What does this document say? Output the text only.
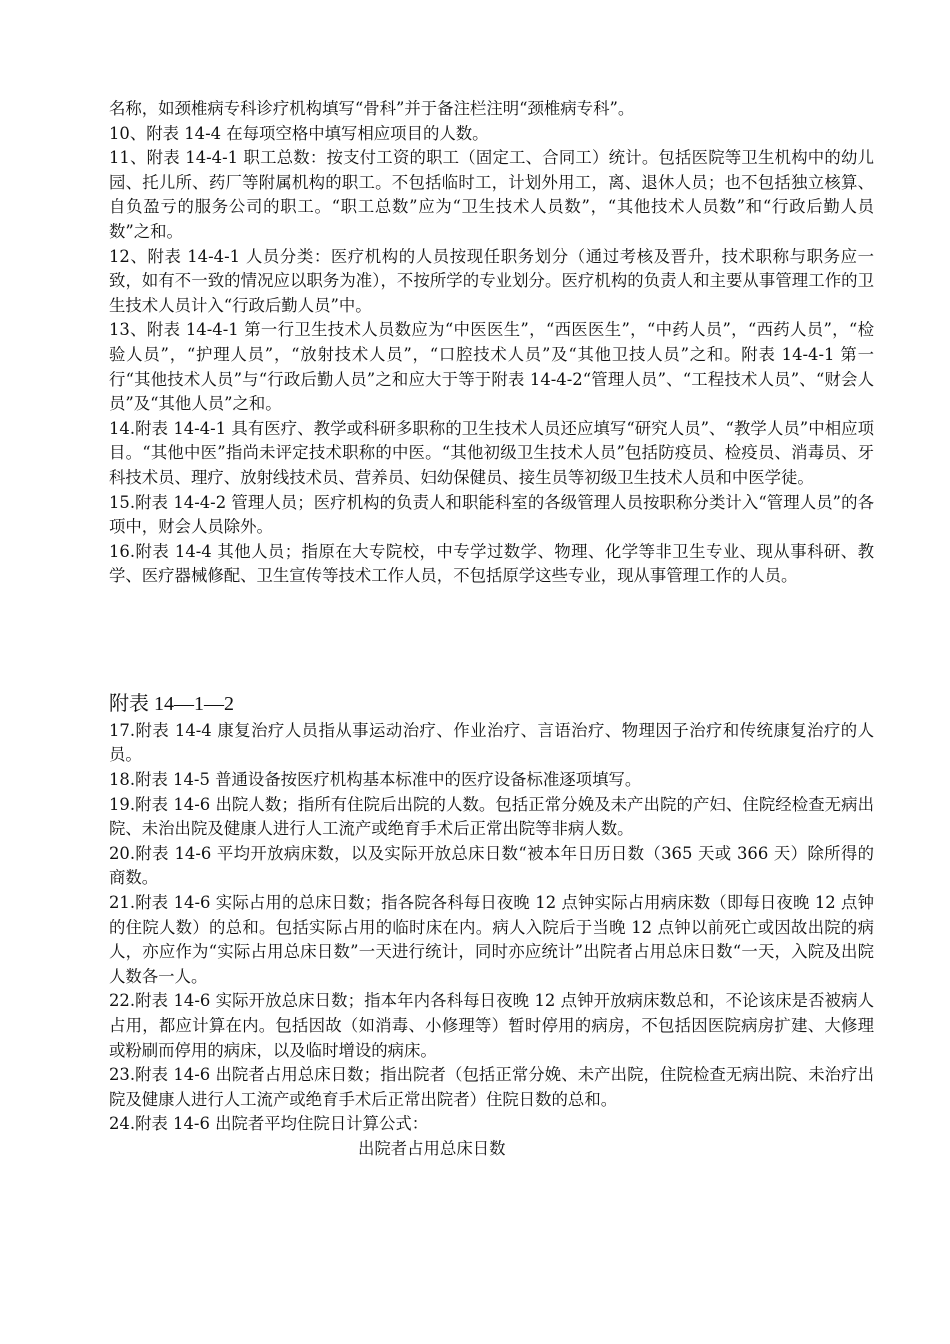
名称，如颈椎病专科诊疗机构填写“骨科”并于备注栏注明“颈椎病专科”。

10、附表 14-4 在每项空格中填写相应项目的人数。

11、附表 14-4-1 职工总数：按支付工资的职工（固定工、合同工）统计。包括医院等卫生机构中的幼儿园、托儿所、药厂等附属机构的职工。不包括临时工，计划外用工，离、退休人员；也不包括独立核算、自负盈亏的服务公司的职工。“职工总数”应为“卫生技术人员数”，“其他技术人员数”和“行政后勤人员数”之和。

12、附表 14-4-1 人员分类：医疗机构的人员按现任职务划分（通过考核及晋升，技术职称与职务应一致，如有不一致的情况应以职务为准），不按所学的专业划分。医疗机构的负责人和主要从事管理工作的卫生技术人员计入“行政后勤人员”中。

13、附表 14-4-1 第一行卫生技术人员数应为“中医医生”，“西医医生”，“中药人员”，“西药人员”，“检验人员”，“护理人员”，“放射技术人员”，“口腔技术人员”及“其他卫技人员”之和。附表 14-4-1 第一行“其他技术人员”与“行政后勤人员”之和应大于等于附表 14-4-2“管理人员”、“工程技术人员”、“财会人员”及“其他人员”之和。

14.附表 14-4-1 具有医疗、教学或科研多职称的卫生技术人员还应填写“研究人员”、“教学人员”中相应项目。“其他中医”指尚未评定技术职称的中医。“其他初级卫生技术人员”包括防疫员、检疫员、消毒员、牙科技术员、理疗、放射线技术员、营养员、妇幼保健员、接生员等初级卫生技术人员和中医学徒。

15.附表 14-4-2 管理人员；医疗机构的负责人和职能科室的各级管理人员按职称分类计入“管理人员”的各项中，财会人员除外。

16.附表 14-4 其他人员；指原在大专院校，中专学过数学、物理、化学等非卫生专业、现从事科研、教学、医疗器械修配、卫生宣传等技术工作人员，不包括原学这些专业，现从事管理工作的人员。

附表 14—1—2

17.附表 14-4 康复治疗人员指从事运动治疗、作业治疗、言语治疗、物理因子治疗和传统康复治疗的人员。

18.附表 14-5 普通设备按医疗机构基本标准中的医疗设备标准逐项填写。

19.附表 14-6 出院人数；指所有住院后出院的人数。包括正常分娩及未产出院的产妇、住院经检查无病出院、未治出院及健康人进行人工流产或绝育手术后正常出院等非病人数。

20.附表 14-6 平均开放病床数，以及实际开放总床日数“被本年日历日数（365 天或 366 天）除所得的商数。

21.附表 14-6 实际占用的总床日数；指各院各科每日夜晚 12 点钟实际占用病床数（即每日夜晚 12 点钟的住院人数）的总和。包括实际占用的临时床在内。病人入院后于当晚 12 点钟以前死亡或因故出院的病人，亦应作为“实际占用总床日数”一天进行统计，同时亦应统计”出院者占用总床日数“一天，入院及出院人数各一人。

22.附表 14-6 实际开放总床日数；指本年内各科每日夜晚 12 点钟开放病床数总和，不论该床是否被病人占用，都应计算在内。包括因故（如消毒、小修理等）暂时停用的病房，不包括因医院病房扩建、大修理或粉刷而停用的病床，以及临时增设的病床。

23.附表 14-6 出院者占用总床日数；指出院者（包括正常分娩、未产出院，住院检查无病出院、未治疗出院及健康人进行人工流产或绝育手术后正常出院者）住院日数的总和。

24.附表 14-6 出院者平均住院日计算公式：

出院者占用总床日数
